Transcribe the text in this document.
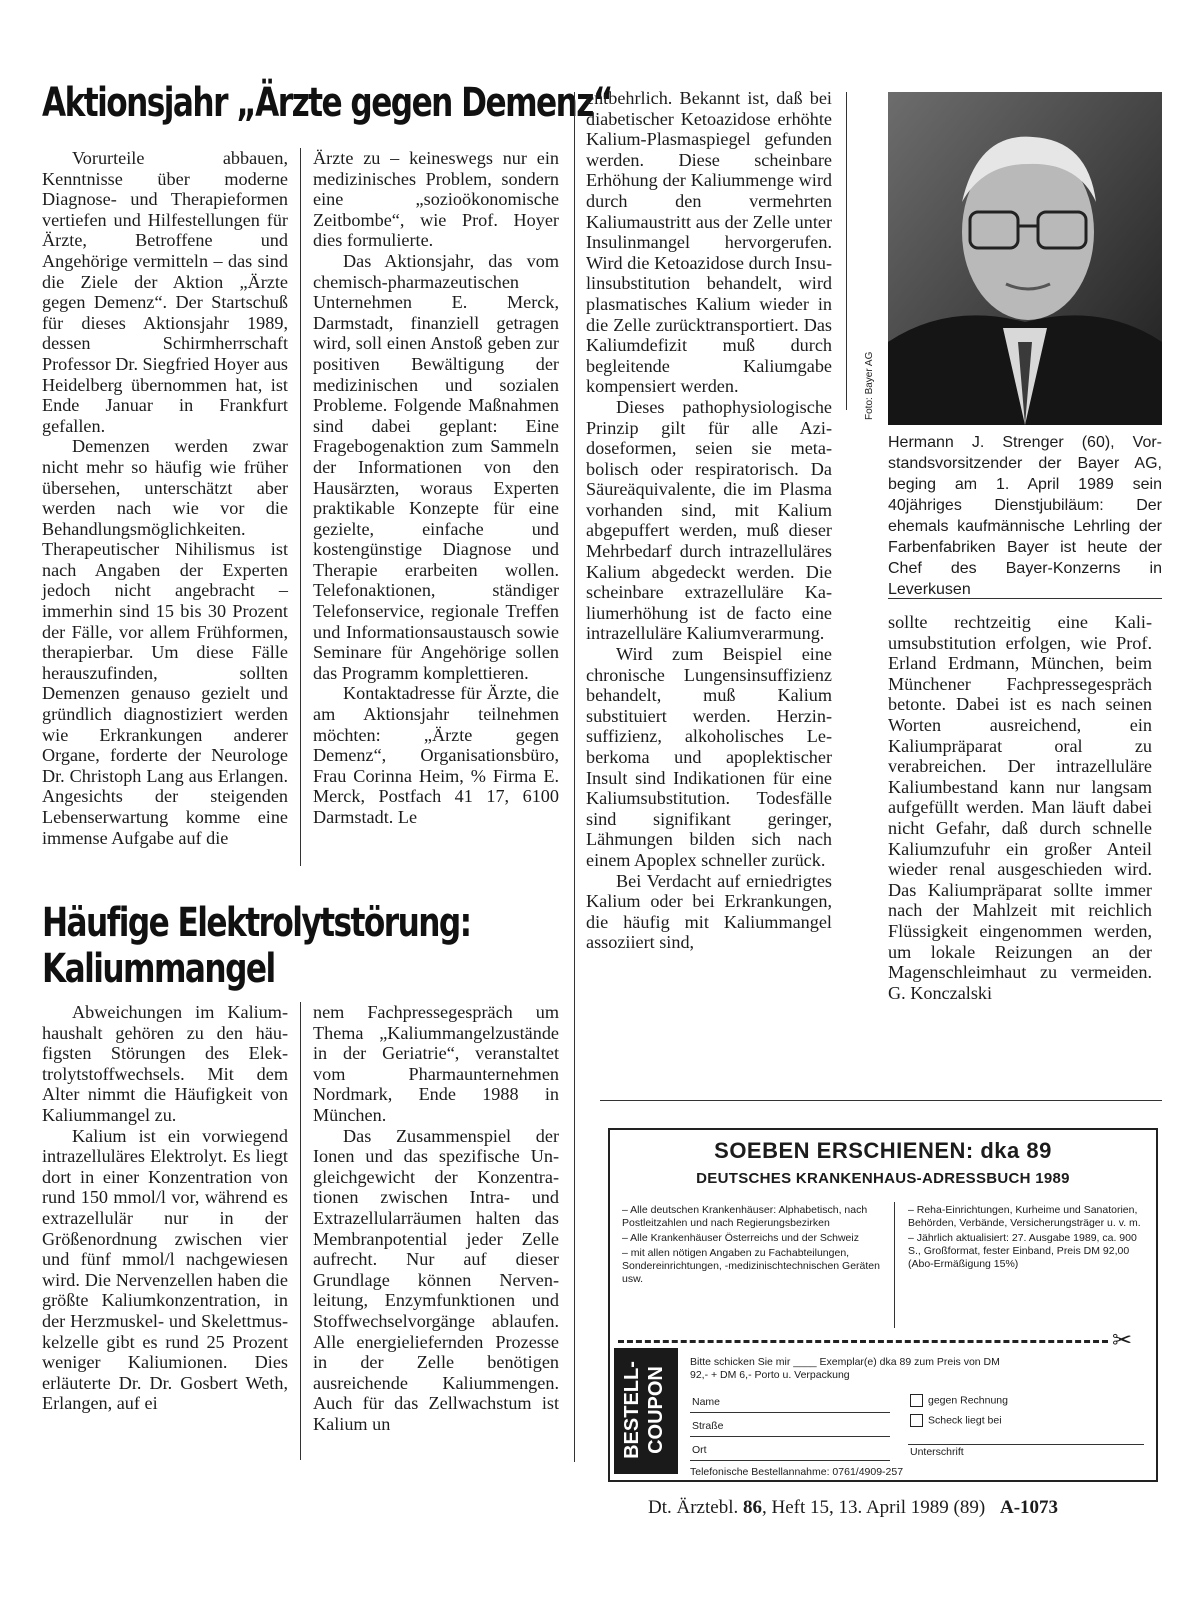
Aktionsjahr „Ärzte gegen Demenz“

Vorurteile abbauen, Kenntnisse über moderne Diagnose- und Therapieformen vertiefen und Hilfestellungen für Ärzte, Betroffene und Angehörige vermitteln – das sind die Ziele der Aktion „Ärzte gegen Demenz“. Der Startschuß für dieses Aktionsjahr 1989, dessen Schirmherrschaft Professor Dr. Siegfried Hoyer aus Heidelberg übernommen hat, ist Ende Januar in Frankfurt gefallen.

Demenzen werden zwar nicht mehr so häufig wie früher übersehen, unterschätzt aber werden nach wie vor die Behandlungsmöglichkeiten. Therapeutischer Nihilismus ist nach Angaben der Experten jedoch nicht angebracht – immerhin sind 15 bis 30 Prozent der Fälle, vor allem Frühformen, therapierbar. Um diese Fälle herauszufinden, sollten Demenzen genauso gezielt und gründlich diagnostiziert werden wie Erkrankungen anderer Organe, forderte der Neurologe Dr. Christoph Lang aus Erlangen. Angesichts der steigenden Lebenserwartung komme eine immense Aufgabe auf die

Ärzte zu – keineswegs nur ein medizinisches Problem, sondern eine „sozioökonomische Zeitbombe“, wie Prof. Hoyer dies formulierte.

Das Aktionsjahr, das vom chemisch-pharmazeutischen Unternehmen E. Merck, Darmstadt, finanziell getragen wird, soll einen Anstoß geben zur positiven Bewältigung der medizinischen und sozialen Probleme. Folgende Maßnahmen sind dabei geplant: Eine Fragebogenaktion zum Sammeln der Informationen von den Hausärzten, woraus Experten praktikable Konzepte für eine gezielte, einfache und kostengünstige Diagnose und Therapie erarbeiten wollen. Telefonaktionen, ständiger Telefonservice, regionale Treffen und Informationsaustausch sowie Seminare für Angehörige sollen das Programm komplettieren.

Kontaktadresse für Ärzte, die am Aktionsjahr teilnehmen möchten: „Ärzte gegen Demenz“, Organisationsbüro, Frau Corinna Heim, % Firma E. Merck, Postfach 41 17, 6100 Darmstadt. Le

Häufige Elektrolytstörung:
Kaliummangel

Abweichungen im Kaliumhaushalt gehören zu den häufigsten Störungen des Elektrolytstoffwechsels. Mit dem Alter nimmt die Häufigkeit von Kaliummangel zu.

Kalium ist ein vorwiegend intrazelluläres Elektrolyt. Es liegt dort in einer Konzentration von rund 150 mmol/l vor, während es extrazellulär nur in der Größenordnung zwischen vier und fünf mmol/l nachgewiesen wird. Die Nervenzellen haben die größte Kaliumkonzentration, in der Herzmuskel- und Skelettmuskelzelle gibt es rund 25 Prozent weniger Kaliumionen. Dies erläuterte Dr. Dr. Gosbert Weth, Erlangen, auf ei

nem Fachpressegespräch um Thema „Kaliummangelzustände in der Geriatrie“, veranstaltet vom Pharmaunternehmen Nordmark, Ende 1988 in München.

Das Zusammenspiel der Ionen und das spezifische Ungleichgewicht der Konzentrationen zwischen Intra- und Extrazellularräumen halten das Membranpotential jeder Zelle aufrecht. Nur auf dieser Grundlage können Nervenleitung, Enzymfunktionen und Stoffwechselvorgänge ablaufen. Alle energieliefernden Prozesse in der Zelle benötigen ausreichende Kaliummengen. Auch für das Zellwachstum ist Kalium un

entbehrlich. Bekannt ist, daß bei diabetischer Ketoazidose erhöhte Kalium-Plasmaspiegel gefunden werden. Diese scheinbare Erhöhung der Kaliummenge wird durch den vermehrten Kaliumaustritt aus der Zelle unter Insulinmangel hervorgerufen. Wird die Ketoazidose durch Insulinsubstitution behandelt, wird plasmatisches Kalium wieder in die Zelle zurücktransportiert. Das Kaliumdefizit muß durch begleitende Kaliumgabe kompensiert werden.

Dieses pathophysiologische Prinzip gilt für alle Azidoseformen, seien sie metabolisch oder respiratorisch. Da Säureäquivalente, die im Plasma vorhanden sind, mit Kalium abgepuffert werden, muß dieser Mehrbedarf durch intrazelluläres Kalium abgedeckt werden. Die scheinbare extrazelluläre Kaliumerhöhung ist de facto eine intrazelluläre Kaliumverarmung.

Wird zum Beispiel eine chronische Lungensinsuffizienz behandelt, muß Kalium substituiert werden. Herzinsuffizienz, alkoholisches Leberkoma und apoplektischer Insult sind Indikationen für eine Kaliumsubstitution. Todesfälle sind signifikant geringer, Lähmungen bilden sich nach einem Apoplex schneller zurück.

Bei Verdacht auf erniedrigtes Kalium oder bei Erkrankungen, die häufig mit Kaliummangel assoziiert sind,

Foto: Bayer AG
Hermann J. Strenger (60), Vorstandsvorsitzender der Bayer AG, beging am 1. April 1989 sein 40jähriges Dienstjubiläum: Der ehemals kaufmännische Lehrling der Farbenfabriken Bayer ist heute der Chef des Bayer-Konzerns in Leverkusen

sollte rechtzeitig eine Kaliumsubstitution erfolgen, wie Prof. Erland Erdmann, München, beim Münchener Fachpressegespräch betonte. Dabei ist es nach seinen Worten ausreichend, ein Kaliumpräparat oral zu verabreichen. Der intrazelluläre Kaliumbestand kann nur langsam aufgefüllt werden. Man läuft dabei nicht Gefahr, daß durch schnelle Kaliumzufuhr ein großer Anteil wieder renal ausgeschieden wird. Das Kaliumpräparat sollte immer nach der Mahlzeit mit reichlich Flüssigkeit eingenommen werden, um lokale Reizungen an der Magenschleimhaut zu vermeiden. G. Konczalski

SOEBEN ERSCHIENEN: dka 89
DEUTSCHES KRANKENHAUS-ADRESSBUCH 1989
– Alle deutschen Krankenhäuser: Alphabetisch, nach Postleitzahlen und nach Regierungsbezirken
– Alle Krankenhäuser Österreichs und der Schweiz
– mit allen nötigen Angaben zu Fachabteilungen, Sondereinrichtungen, -medizinischtechnischen Geräten usw.
– Reha-Einrichtungen, Kurheime und Sanatorien, Behörden, Verbände, Versicherungsträger u. v. m.
– Jährlich aktualisiert: 27. Ausgabe 1989, ca. 900 S., Großformat, fester Einband, Preis DM 92,00 (Abo-Ermäßigung 15%)
✂
BESTELL- COUPON
Bitte schicken Sie mir ____ Exemplar(e) dka 89 zum Preis von DM 92,- + DM 6,- Porto u. Verpackung
Name
Straße
Ort
gegen Rechnung
Scheck liegt bei
Unterschrift
Telefonische Bestellannahme: 0761/4909-257
Dt. Ärztebl. 86, Heft 15, 13. April 1989 (89) A-1073
